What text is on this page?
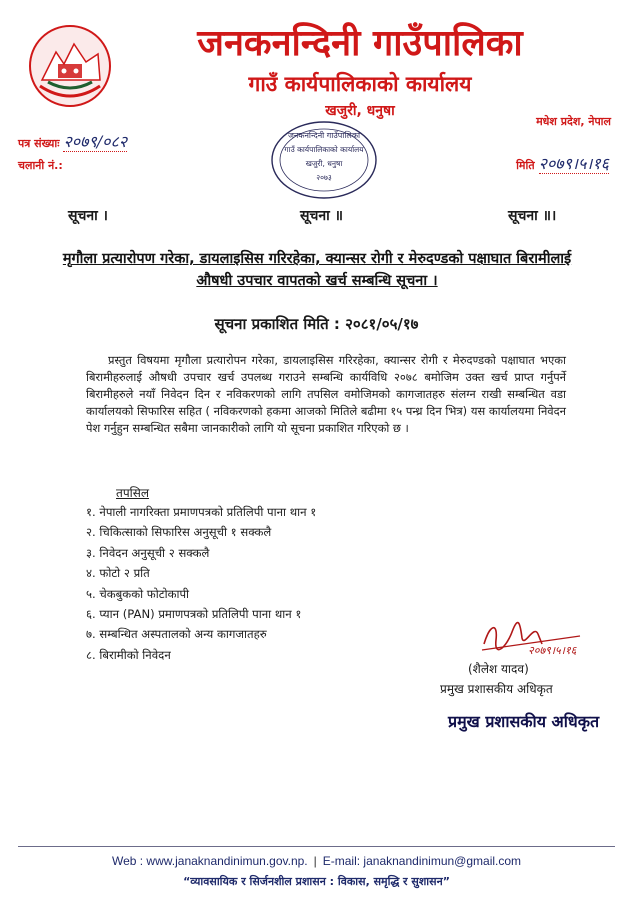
जनकनन्दिनी गाउँपालिका
गाउँ कार्यपालिकाको कार्यालय
खजुरी, धनुषा
मधेश प्रदेश, नेपाल
पत्र संख्याः २०७९/०८२
चलानी नं.:	मिति २०७९।५।१६
जनकनन्दिनी गाउँपालिका
गाउँ कार्यपालिकाको कार्यालय
खजुरी, धनुषा
२०७३
सूचना ।	सूचना ॥	सूचना ॥।
मृगौला प्रत्यारोपण गरेका, डायलाइसिस गरिरहेका, क्यान्सर रोगी र मेरुदण्डको पक्षाघात बिरामीलाई औषधी उपचार वापतको खर्च सम्बन्धि सूचना ।
सूचना प्रकाशित मिति : २०८१/०५/१७
प्रस्तुत विषयमा मृगौला प्रत्यारोपन गरेका, डायलाइसिस गरिरहेका, क्यान्सर रोगी र मेरुदण्डको पक्षाघात भएका बिरामीहरुलाई औषधी उपचार खर्च उपलब्ध गराउने सम्बन्धि कार्यविधि २०७८ बमोजिम उक्त खर्च प्राप्त गर्नुपर्ने बिरामीहरुले नयाँ निवेदन दिन र नविकरणको लागि तपसिल वमोजिमको कागजातहरु संलग्न राखी सम्बन्धित वडा कार्यालयको सिफारिस सहित ( नविकरणको हकमा आजको मितिले बढीमा १५ पन्ध्र दिन भित्र) यस कार्यालयमा निवेदन पेश गर्नुहुन सम्बन्धित सबैमा जानकारीको लागि यो सूचना प्रकाशित गरिएको छ ।
तपसिल
१. नेपाली नागरिक्ता प्रमाणपत्रको प्रतिलिपी पाना थान १
२. चिकित्साको सिफारिस अनुसूची १ सक्कलै
३. निवेदन अनुसूची २ सक्कलै
४. फोटो २ प्रति
५. चेकबुकको फोटोकापी
६. प्यान (PAN) प्रमाणपत्रको प्रतिलिपी पाना थान १
७. सम्बन्धित अस्पतालको अन्य कागजातहरु
८. बिरामीको निवेदन	२०७९।५।१६
(शैलेश यादव)
प्रमुख प्रशासकीय अधिकृत
प्रमुख प्रशासकीय अधिकृत
Web : www.janaknandinimun.gov.np. | E-mail: janaknandinimun@gmail.com
“व्यावसायिक र सिर्जनशील प्रशासन : विकास, समृद्धि र सुशासन”
